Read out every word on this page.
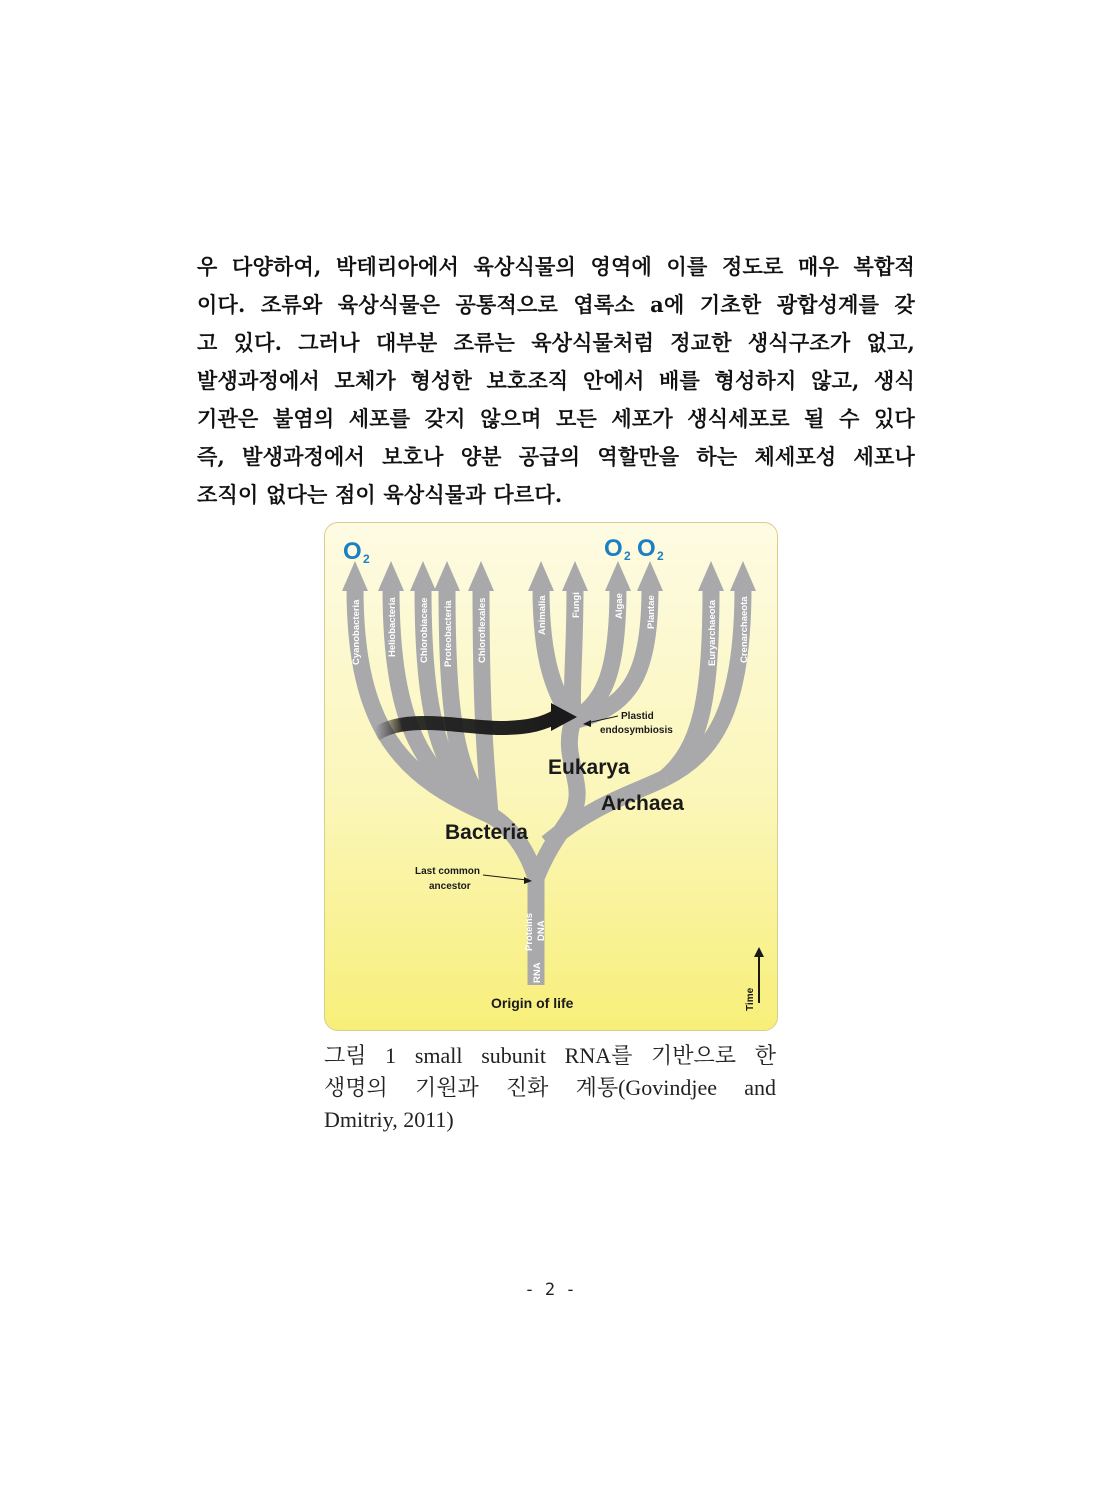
우 다양하여, 박테리아에서 육상식물의 영역에 이를 정도로 매우 복합적
이다. 조류와 육상식물은 공통적으로 엽록소 a에 기초한 광합성계를 갖
고 있다. 그러나 대부분 조류는 육상식물처럼 정교한 생식구조가 없고,
발생과정에서 모체가 형성한 보호조직 안에서 배를 형성하지 않고, 생식
기관은 불염의 세포를 갖지 않으며 모든 세포가 생식세포로 될 수 있다
즉, 발생과정에서 보호나 양분 공급의 역할만을 하는 체세포성 세포나
조직이 없다는 점이 육상식물과 다르다.
O 2	O 2 O 2
Cyanobacteria	Heliobacteria Chlorobiaceae Proteobacteria Chloroflexales	Animalia Fungi	Algae Plantae	Euryarchaeota Crenarchaeota
Proteins DNA
RNA
Bacteria
Eukarya
Archaea
Plastid
endosymbiosis
Last common
ancestor
Origin of life	Time
그림 1 small subunit RNA를 기반으로 한
생명의 기원과 진화 계통(Govindjee and
Dmitriy, 2011)
- 2 -
